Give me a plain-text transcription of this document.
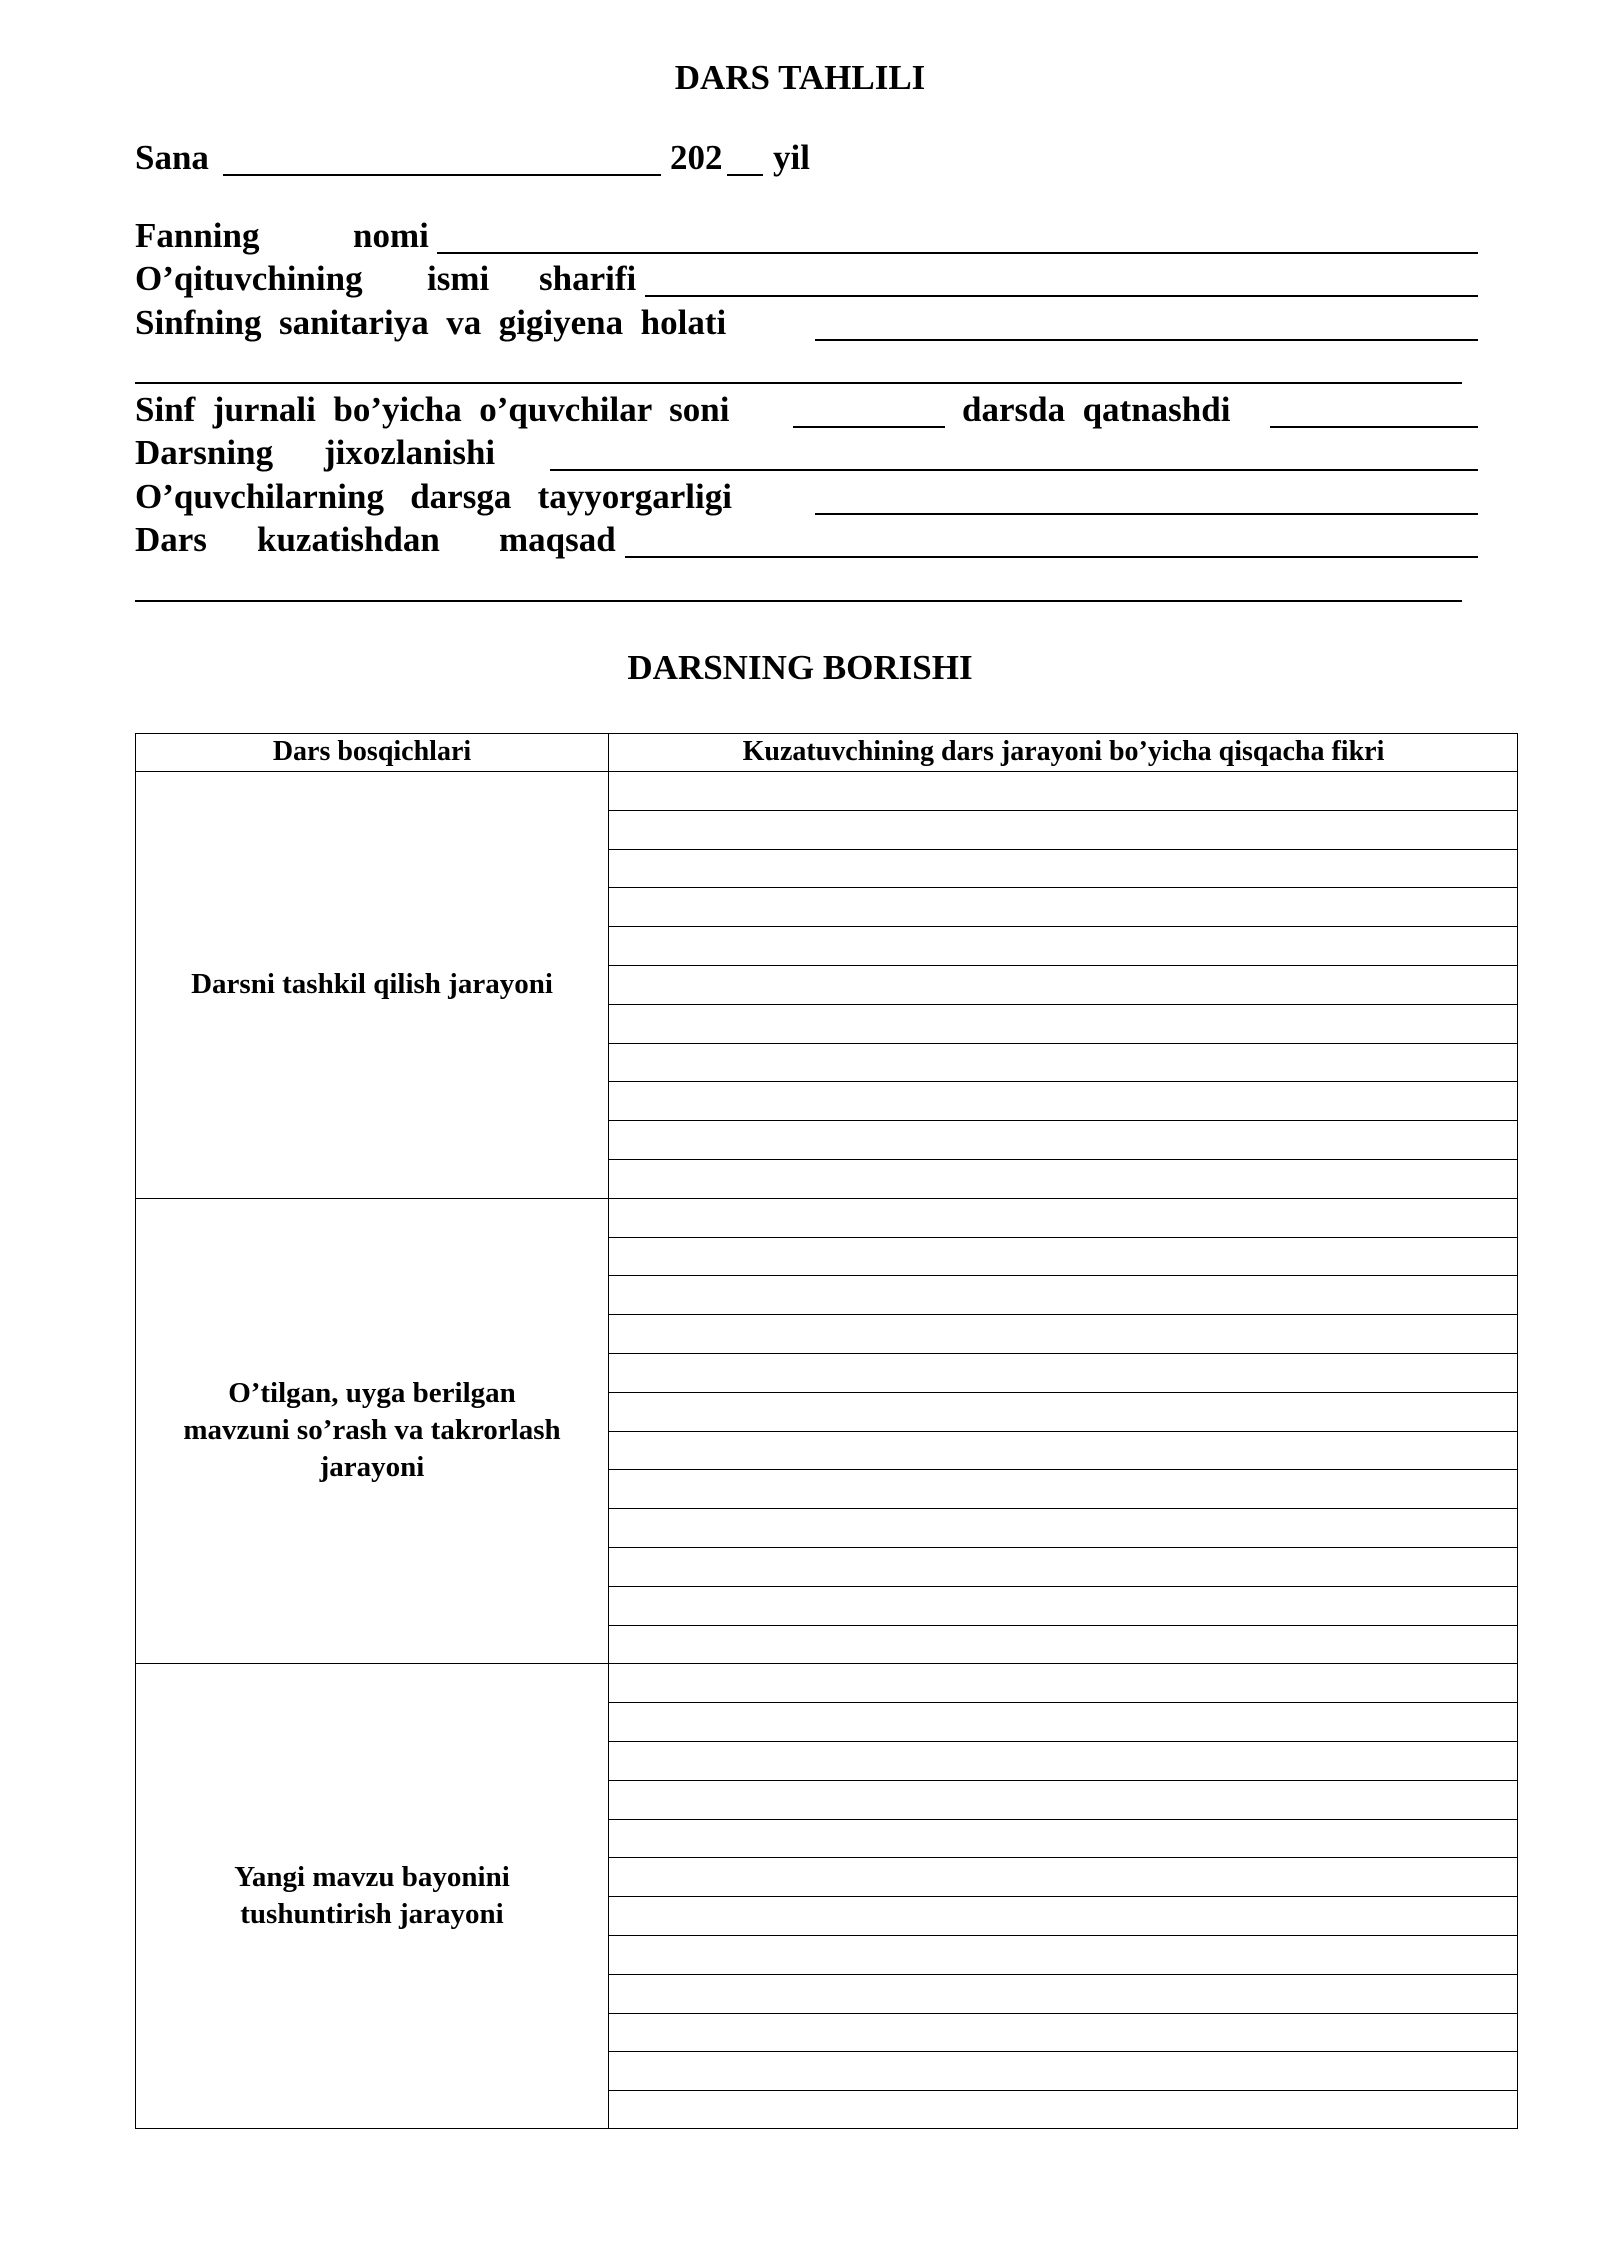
DARS TAHLILI
Sana	202 yil
Fanning	nomi
O’qituvchining ismi sharifi
Sinfning  sanitariya  va  gigiyena  holati
Sinf  jurnali  bo’yicha  o’quvchilar  soni	darsda  qatnashdi
Darsning jixozlanishi
O’quvchilarning   darsga   tayyorgarligi
Dars kuzatishdan maqsad
DARSNING BORISHI
Dars bosqichlari	Kuzatuvchining dars jarayoni bo’yicha qisqacha fikri
Darsni tashkil qilish jarayoni
O’tilgan, uyga berilgan
mavzuni so’rash va takrorlash
jarayoni
Yangi mavzu bayonini
tushuntirish jarayoni
